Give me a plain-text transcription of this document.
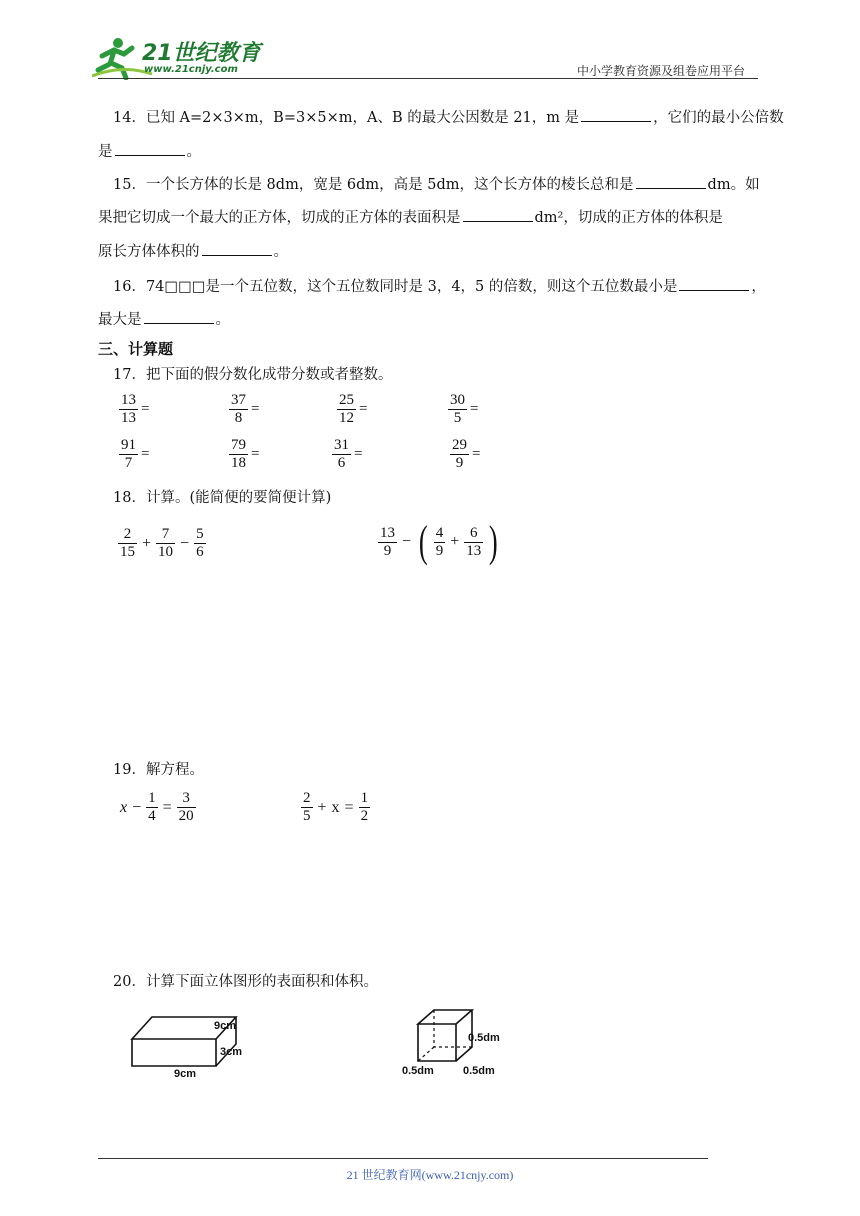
21世纪教育
www.21cnjy.com	中小学教育资源及组卷应用平台
14．已知 A=2×3×m，B=3×5×m，A、B 的最大公因数是 21，m 是	，它们的最小公倍数
是	。
15．一个长方体的长是 8dm，宽是 6dm，高是 5dm，这个长方体的棱长总和是	dm。如
果把它切成一个最大的正方体，切成的正方体的表面积是	dm²，切成的正方体的体积是
原长方体体积的	。
16．74□□□是一个五位数，这个五位数同时是 3，4，5 的倍数，则这个五位数最小是	，
最大是	。
三、计算题
17．把下面的假分数化成带分数或者整数。
$\frac{13}{13}$ =	$\frac{37}{8}$ =	$\frac{25}{12}$ =	$\frac{30}{5}$ =
$\frac{91}{7}$ =	$\frac{79}{18}$ =	$\frac{31}{6}$ =	$\frac{29}{9}$ =
18．计算。(能简便的要简便计算)
$\frac{2}{15} + \frac{7}{10} - \frac{5}{6}$	$\frac{13}{9}$ − ( $\frac{4}{9} + \frac{6}{13}$ )
19．解方程。
$x - \frac{1}{4} = \frac{3}{20}$	$\frac{2}{5} + x = \frac{1}{2}$
20．计算下面立体图形的表面积和体积。
9cm
3cm
9cm
0.5dm
0.5dm	0.5dm
21 世纪教育网(www.21cnjy.com)
